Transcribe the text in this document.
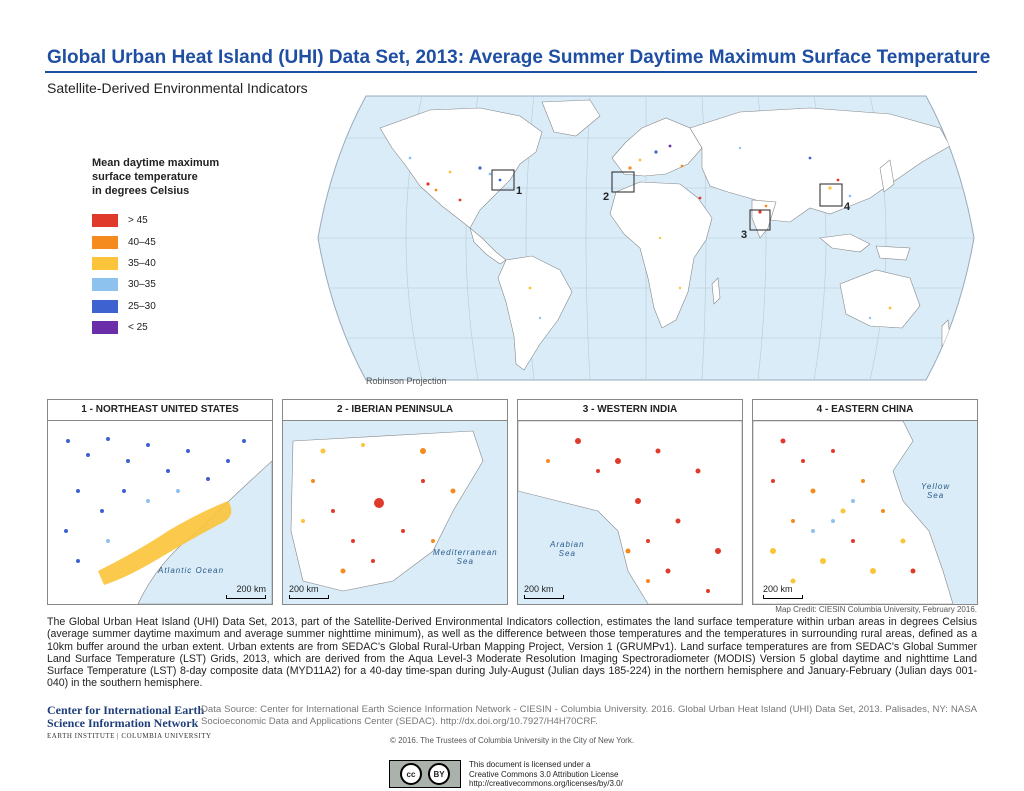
Global Urban Heat Island (UHI) Data Set, 2013: Average Summer Daytime Maximum Surface Temperature
Satellite-Derived Environmental Indicators
Mean daytime maximum
surface temperature
in degrees Celsius
> 45
40–45
35–40
30–35
25–30
< 25
1	2
3
4
Robinson Projection
1 - NORTHEAST UNITED STATES
Atlantic Ocean
200 km
2 - IBERIAN PENINSULA
Mediterranean
Sea
200 km
3 - WESTERN INDIA
Arabian
Sea
200 km
4 - EASTERN CHINA
Yellow
Sea
200 km
Map Credit: CIESIN Columbia University, February 2016.
The Global Urban Heat Island (UHI) Data Set, 2013, part of the Satellite-Derived Environmental Indicators collection, estimates the land surface temperature within urban areas in degrees Celsius (average summer daytime maximum and average summer nighttime minimum), as well as the difference between those temperatures and the temperatures in surrounding rural areas, defined as a 10km buffer around the urban extent. Urban extents are from SEDAC's Global Rural-Urban Mapping Project, Version 1 (GRUMPv1). Land surface temperatures are from SEDAC's Global Summer Land Surface Temperature (LST) Grids, 2013, which are derived from the Aqua Level-3 Moderate Resolution Imaging Spectroradiometer (MODIS) Version 5 global daytime and nighttime Land Surface Temperature (LST) 8-day composite data (MYD11A2) for a 40-day time-span during July-August (Julian days 185-224) in the northern hemisphere and January-February (Julian days 001-040) in the southern hemisphere.
Center for International Earth
Science Information Network
EARTH INSTITUTE | COLUMBIA UNIVERSITY
Data Source: Center for International Earth Science Information Network - CIESIN - Columbia University. 2016. Global Urban Heat Island (UHI) Data Set, 2013. Palisades, NY: NASA Socioeconomic Data and Applications Center (SEDAC). http://dx.doi.org/10.7927/H4H70CRF.
© 2016. The Trustees of Columbia University in the City of New York.
cc	BY
This document is licensed under a
Creative Commons 3.0 Attribution License
http://creativecommons.org/licenses/by/3.0/
